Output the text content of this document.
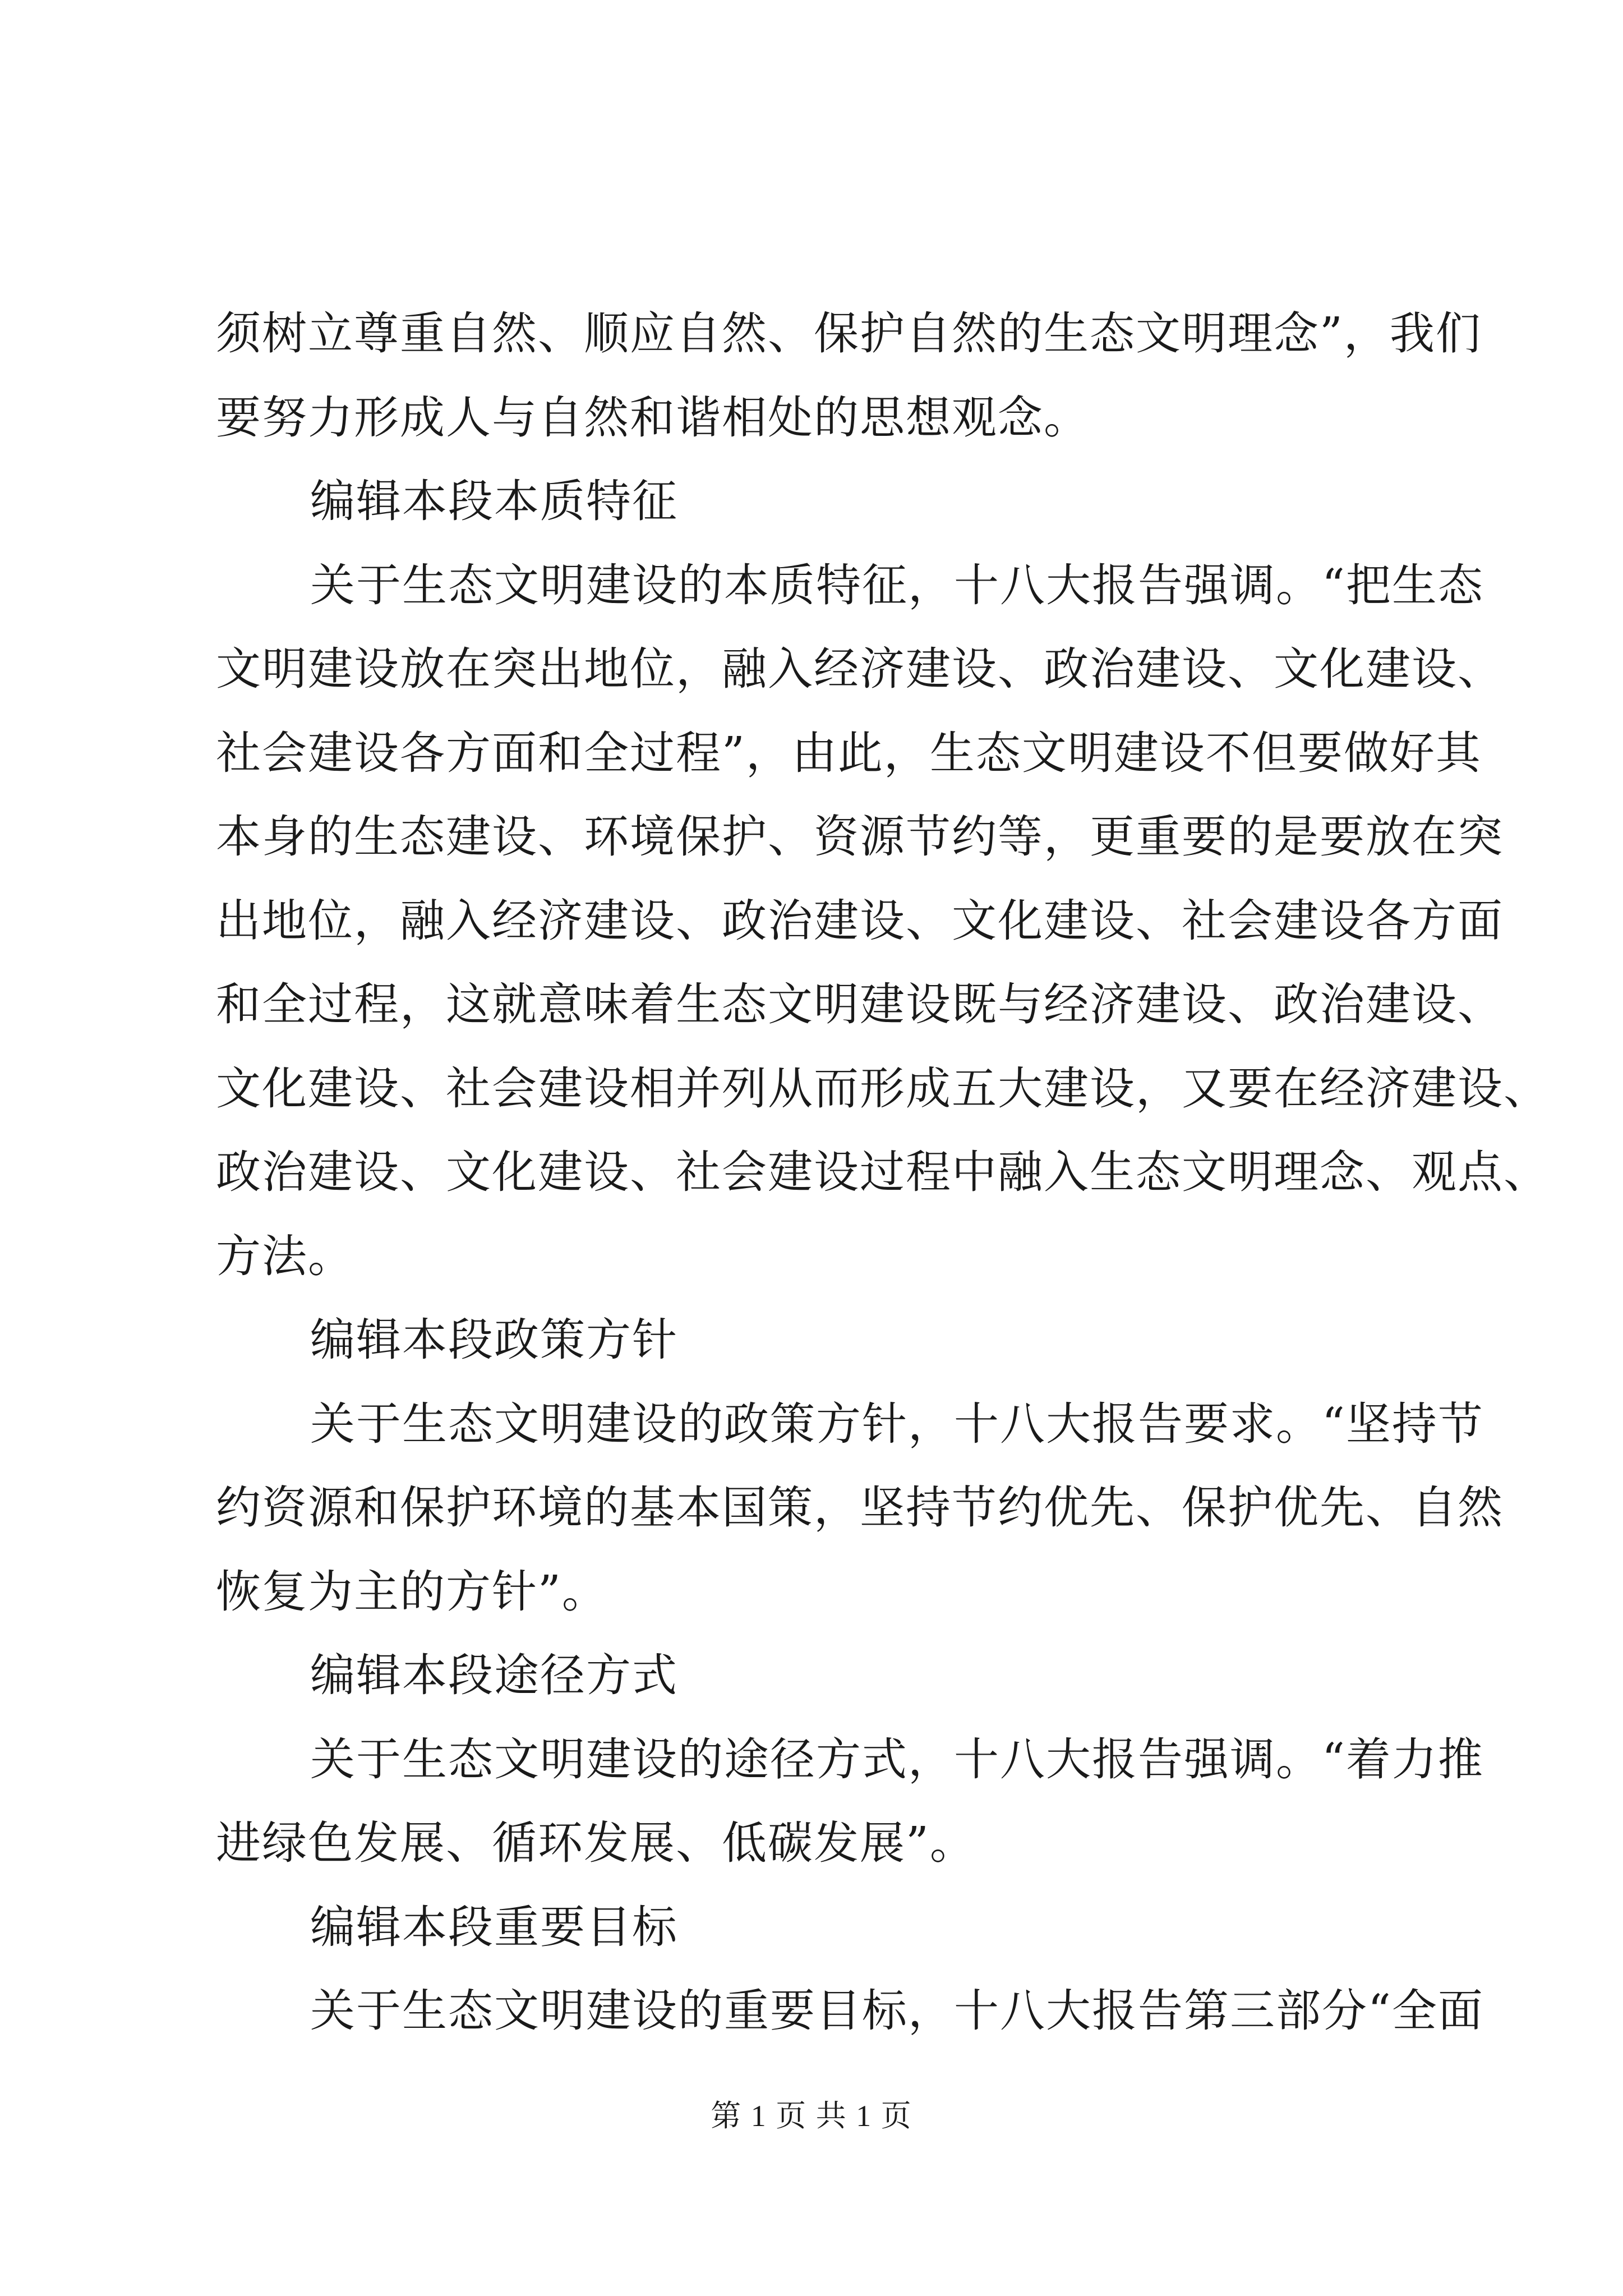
须树立尊重自然、顺应自然、保护自然的生态文明理念”，我们
要努力形成人与自然和谐相处的思想观念。
编辑本段本质特征
关于生态文明建设的本质特征，十八大报告强调。“把生态
文明建设放在突出地位，融入经济建设、政治建设、文化建设、
社会建设各方面和全过程”，由此，生态文明建设不但要做好其
本身的生态建设、环境保护、资源节约等，更重要的是要放在突
出地位，融入经济建设、政治建设、文化建设、社会建设各方面
和全过程，这就意味着生态文明建设既与经济建设、政治建设、
文化建设、社会建设相并列从而形成五大建设，又要在经济建设、
政治建设、文化建设、社会建设过程中融入生态文明理念、观点、
方法。
编辑本段政策方针
关于生态文明建设的政策方针，十八大报告要求。“坚持节
约资源和保护环境的基本国策，坚持节约优先、保护优先、自然
恢复为主的方针”。
编辑本段途径方式
关于生态文明建设的途径方式，十八大报告强调。“着力推
进绿色发展、循环发展、低碳发展”。
编辑本段重要目标
关于生态文明建设的重要目标，十八大报告第三部分“全面
第 1 页 共 1 页
